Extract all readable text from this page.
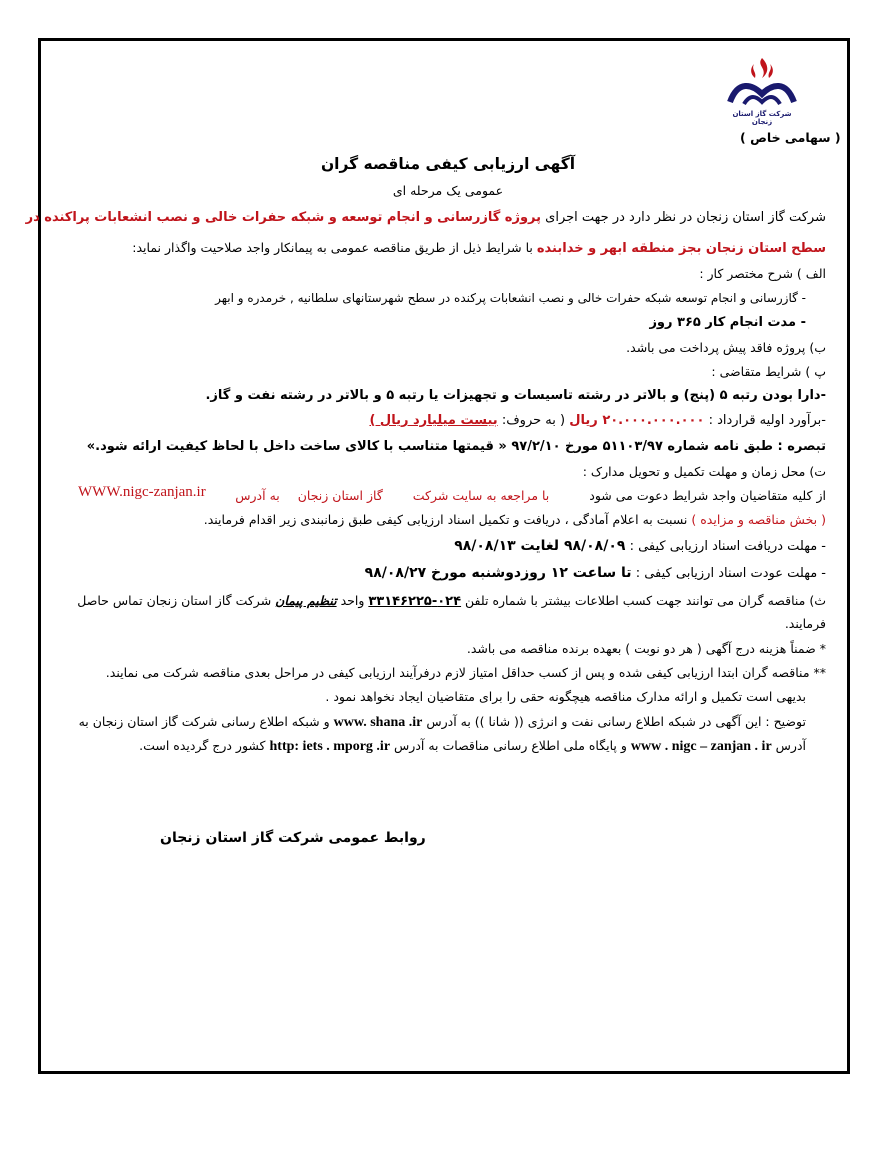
شرکت گاز استان زنجان
( سهامی خاص )
آگهی ارزیابی کیفی مناقصه گران
عمومی یک مرحله ای
شرکت گاز استان زنجان در نظر دارد در جهت اجرای پروژه گازرسانی و انجام توسعه و شبکه حفرات خالی و نصب انشعابات پراکنده در
سطح استان زنجان بجز منطقه ابهر و خدابنده با شرایط ذیل از طریق مناقصه عمومی به پیمانکار واجد صلاحیت واگذار نماید:
الف ) شرح مختصر کار :
- گازرسانی و انجام توسعه شبکه حفرات خالی و نصب انشعابات پرکنده در سطح شهرستانهای سلطانیه , خرمدره و ابهر
- مدت انجام کار ۳۶۵ روز
ب) پروژه فاقد پیش پرداخت می باشد.
پ ) شرایط متقاضی :
-دارا بودن رتبه ۵ (پنج) و بالاتر در رشته تاسیسات و تجهیزات یا رتبه ۵ و بالاتر در رشته نفت و گاز.
-برآورد اولیه قرارداد : ۲۰.۰۰۰.۰۰۰.۰۰۰ ریال ( به حروف: بیست میلیارد ریال )
تبصره : طبق نامه شماره ۵۱۱۰۳/۹۷ مورخ ۹۷/۲/۱۰ « قیمتها متناسب با کالای ساخت داخل با لحاظ کیفیت ارائه شود.»
ت) محل زمان و مهلت تکمیل و تحویل مدارک :
از کلیه متقاضیان واجد شرایط دعوت می شود با مراجعه به سایت شرکت گاز استان زنجان به آدرس
WWW.nigc-zanjan.ir
( بخش مناقصه و مزایده ) نسبت به اعلام آمادگی ، دریافت و تکمیل اسناد ارزیابی کیفی طبق زمانبندی زیر اقدام فرمایند.
- مهلت دریافت اسناد ارزیابی کیفی : ۹۸/۰۸/۰۹ لغایت ۹۸/۰۸/۱۳
- مهلت عودت اسناد ارزیابی کیفی : تا ساعت ۱۲ روزدوشنبه مورخ ۹۸/۰۸/۲۷
ث) مناقصه گران می توانند جهت کسب اطلاعات بیشتر با شماره تلفن ۰۲۴-۳۳۱۴۶۲۲۵ واحد تنظیم پیمان شرکت گاز استان زنجان تماس حاصل
فرمایند.
* ضمناً هزینه درج آگهی ( هر دو نوبت ) بعهده برنده مناقصه می باشد.
** مناقصه گران ابتدا ارزیابی کیفی شده و پس از کسب حداقل امتیاز لازم درفرآیند ارزیابی کیفی در مراحل بعدی مناقصه شرکت می نمایند.
بدیهی است تکمیل و ارائه مدارک مناقصه هیچگونه حقی را برای متقاضیان ایجاد نخواهد نمود .
توضیح : این آگهی در شبکه اطلاع رسانی نفت و انرژی (( شانا )) به آدرس www. shana .ir و شبکه اطلاع رسانی شرکت گاز استان زنجان به
آدرس www . nigc – zanjan . ir و پایگاه ملی اطلاع رسانی مناقصات به آدرس http: iets . mporg .ir کشور درج گردیده است.
روابط عمومی شرکت گاز استان زنجان
